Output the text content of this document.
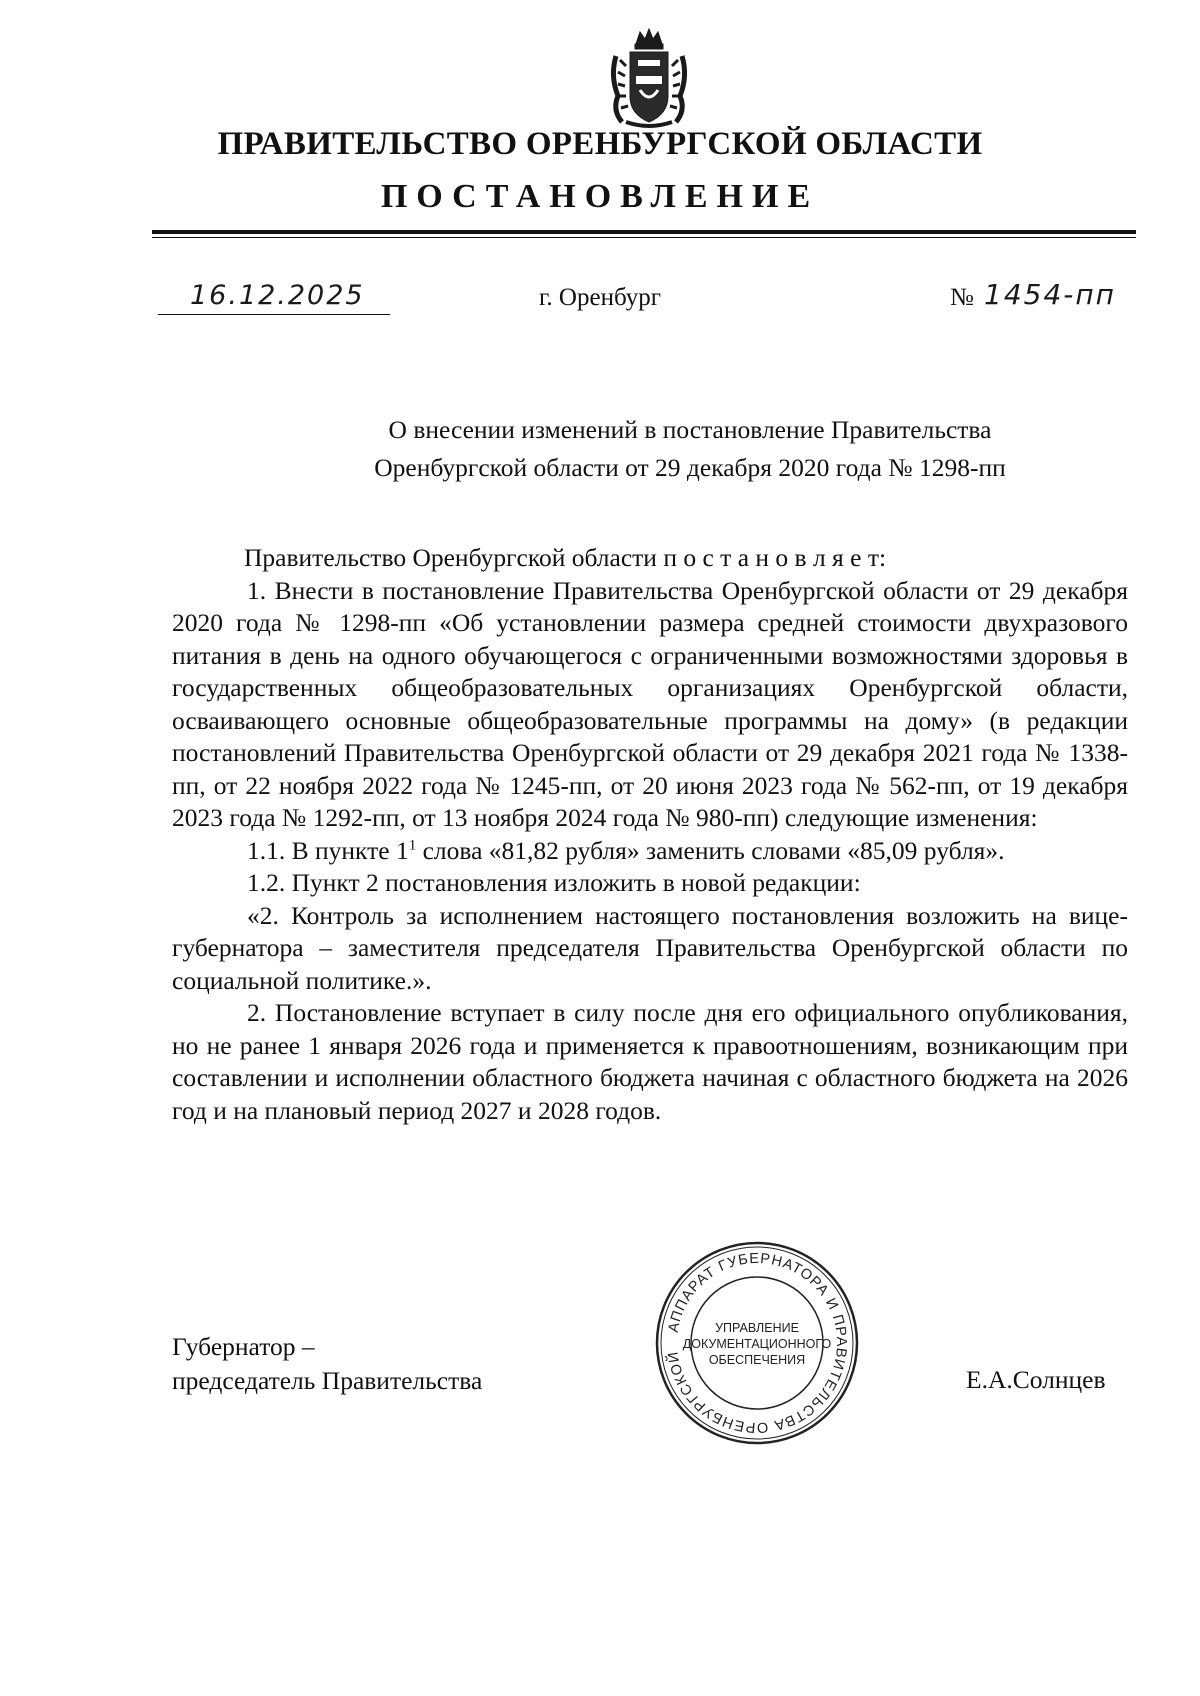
ПРАВИТЕЛЬСТВО ОРЕНБУРГСКОЙ ОБЛАСТИ
ПОСТАНОВЛЕНИЕ
16.12.2025	г. Оренбург	№ 1454-пп
О внесении изменений в постановление Правительства
Оренбургской области от 29 декабря 2020 года № 1298-пп

Правительство Оренбургской области п о с т а н о в л я е т:

1. Внести в постановление Правительства Оренбургской области от 29 декабря 2020 года № 1298-пп «Об установлении размера средней стоимости двухразового питания в день на одного обучающегося с ограниченными возможностями здоровья в государственных общеобразовательных организациях Оренбургской области, осваивающего основные общеобразовательные программы на дому» (в редакции постановлений Правительства Оренбургской области от 29 декабря 2021 года № 1338-пп, от 22 ноября 2022 года № 1245-пп, от 20 июня 2023 года № 562-пп, от 19 декабря 2023 года № 1292-пп, от 13 ноября 2024 года № 980-пп) следующие изменения:

1.1. В пункте $1^1$ слова «81,82 рубля» заменить словами «85,09 рубля».

1.2. Пункт 2 постановления изложить в новой редакции:

«2. Контроль за исполнением настоящего постановления возложить на вице-губернатора – заместителя председателя Правительства Оренбургской области по социальной политике.».

2. Постановление вступает в силу после дня его официального опубликования, но не ранее 1 января 2026 года и применяется к правоотношениям, возникающим при составлении и исполнении областного бюджета начиная с областного бюджета на 2026 год и на плановый период 2027 и 2028 годов.

Губернатор –
председатель Правительства
АППАРАТ ГУБЕРНАТОРА И ПРАВИТЕЛЬСТВА ОРЕНБУРГСКОЙ
УПРАВЛЕНИЕ
ДОКУМЕНТАЦИОННОГО
ОБЕСПЕЧЕНИЯ
Е.А.Солнцев
